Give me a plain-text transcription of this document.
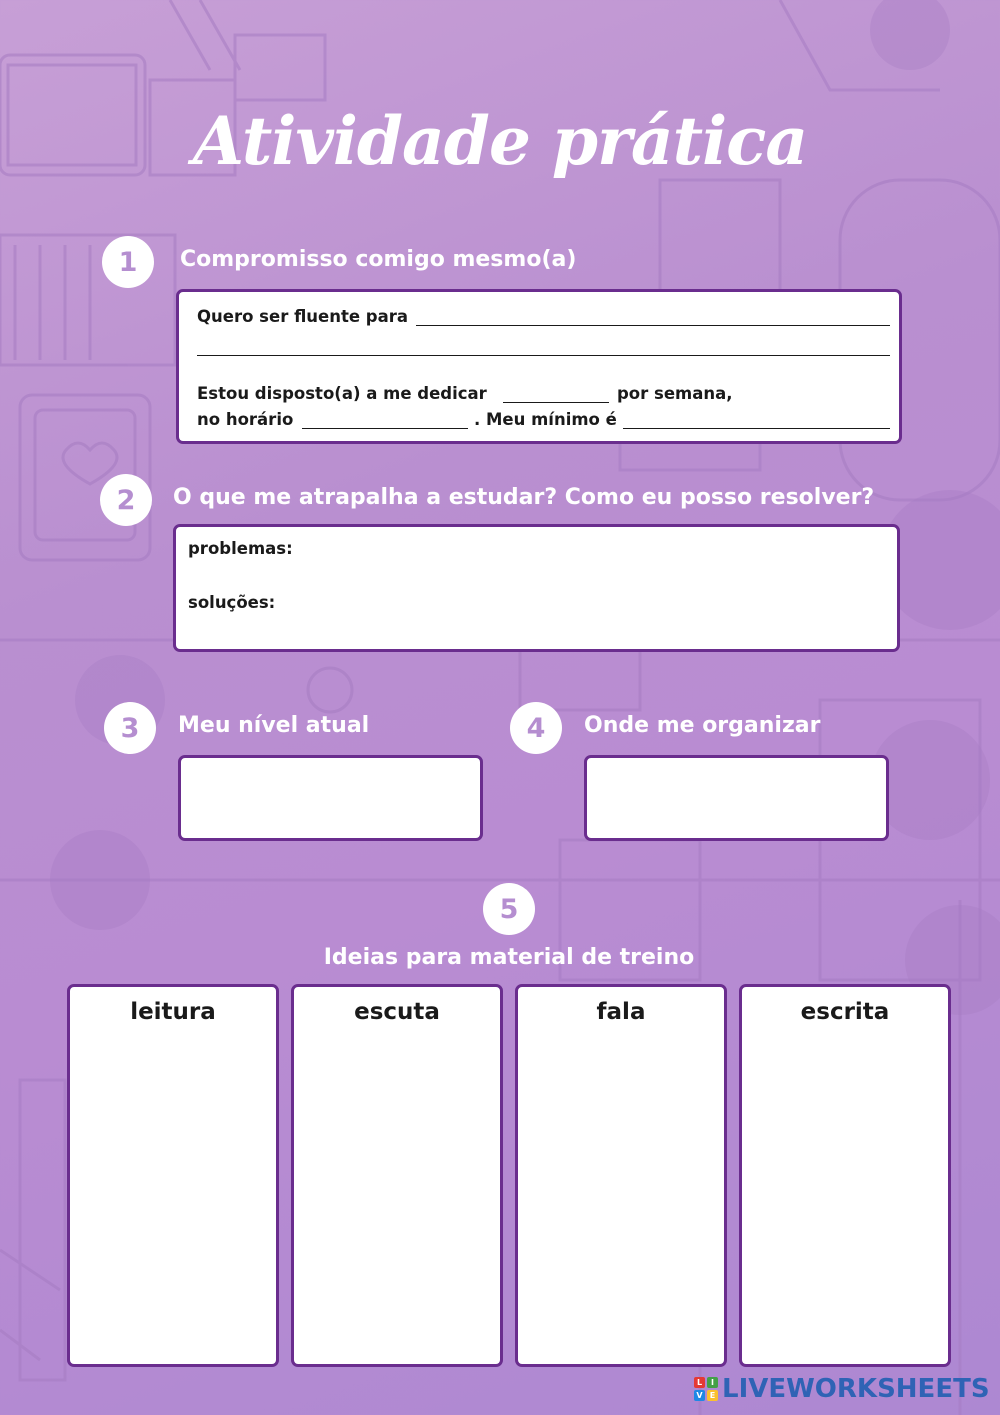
Atividade prática
1	Compromisso comigo mesmo(a)
Quero ser fluente para
Estou disposto(a) a me dedicar	por semana,
no horário	. Meu mínimo é
2	O que me atrapalha a estudar? Como eu posso resolver?
problemas:
soluções:
3	Meu nível atual	4	Onde me organizar
5
Ideias para material de treino
leitura	escuta	fala	escrita
L	I
V E LIVEWORKSHEETS
